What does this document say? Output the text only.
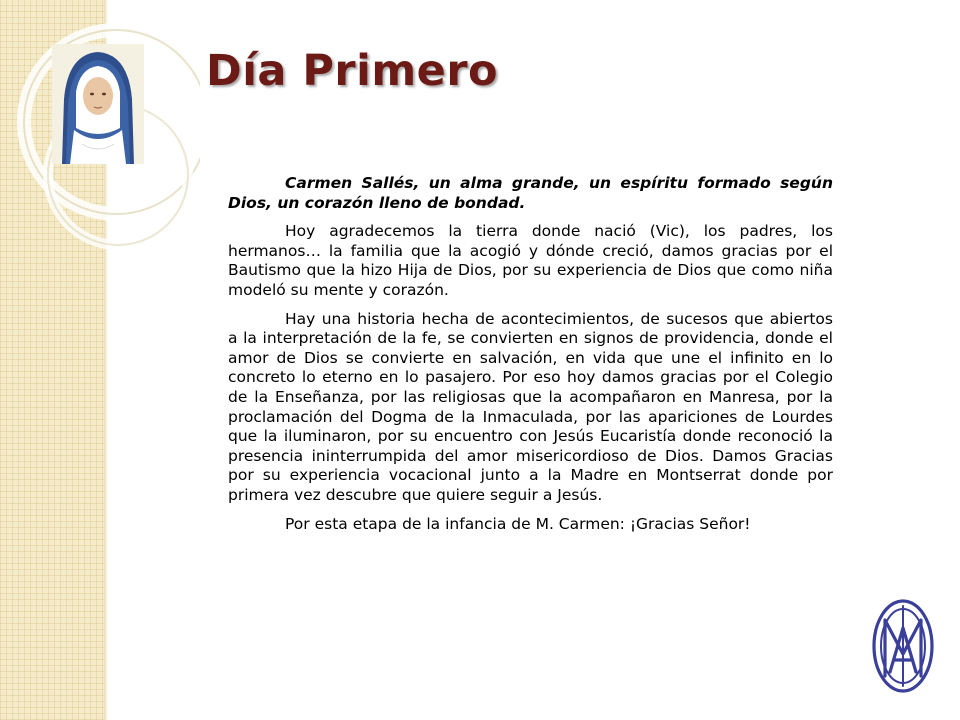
Día Primero

Carmen Sallés, un alma grande, un espíritu formado según Dios, un corazón lleno de bondad.

Hoy agradecemos la tierra donde nació (Vic), los padres, los hermanos… la familia que la acogió y dónde creció, damos gracias por el Bautismo que la hizo Hija de Dios, por su experiencia de Dios que como niña modeló su mente y corazón.

Hay una historia hecha de acontecimientos, de sucesos que abiertos a la interpretación de la fe, se convierten en signos de providencia, donde el amor de Dios se convierte en salvación, en vida que une el infinito en lo concreto lo eterno en lo pasajero. Por eso hoy damos gracias por el Colegio de la Enseñanza, por las religiosas que la acompañaron en Manresa, por la proclamación del Dogma de la Inmaculada, por las apariciones de Lourdes que la iluminaron, por su encuentro con Jesús Eucaristía donde reconoció la presencia ininterrumpida del amor misericordioso de Dios. Damos Gracias por su experiencia vocacional junto a la Madre en Montserrat donde por primera vez descubre que quiere seguir a Jesús.

Por esta etapa de la infancia de M. Carmen: ¡Gracias Señor!
